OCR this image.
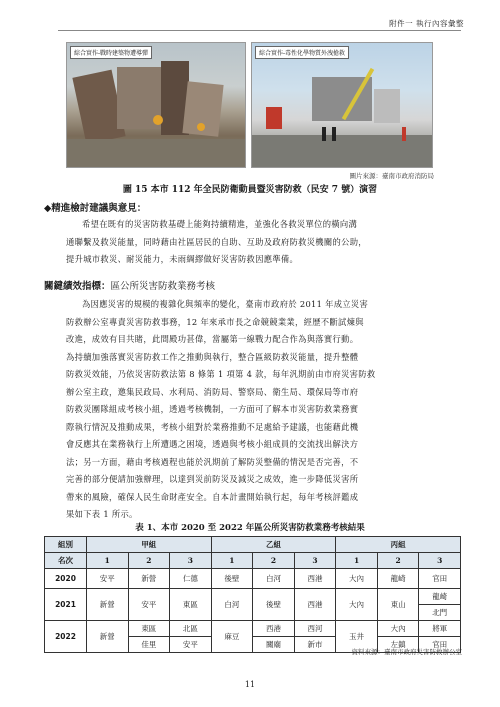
附件一 執行內容彙整
綜合實作-戰時建築物遭導彈	綜合實作-毒性化學物質外洩搶救
圖片來源：臺南市政府消防局
圖 15 本市 112 年全民防衛動員暨災害防救（民安 7 號）演習
◆精進檢討建議與意見：
希望在既有的災害防救基礎上能夠持續精進，並強化各救災單位的橫向溝
通聯繫及救災能量，同時藉由社區居民的自助、互助及政府防救災機關的公助，
提升城市救災、耐災能力，未雨綢繆做好災害防救因應準備。
關鍵績效指標：區公所災害防救業務考核
為因應災害的規模的複雜化與頻率的變化，臺南市政府於 2011 年成立災害
防救辦公室專責災害防救事務，12 年來承市長之命競競業業，經歷不斷試煉與
改進，成效有目共睹，此間殿功甚偉，當屬第一線戰力配合作為與落實行動。
為持續加強落實災害防救工作之推動與執行，整合區級防救災能量，提升整體
防救災效能，乃依災害防救法第 8 條第 1 項第 4 款，每年汎期前由市府災害防救
辦公室主政，邀集民政局、水利局、消防局、警察局、衛生局、環保局等市府
防救災團隊組成考核小組，透過考核機制，一方面可了解本市災害防救業務實
際執行情況及推動成果，考核小組對於業務推動不足處給予建議，也能藉此機
會反應其在業務執行上所遭遇之困境，透過與考核小組成員的交流找出解決方
法；另一方面，藉由考核過程也能於汎期前了解防災整備的情況是否完善，不
完善的部分便請加強辦理，以達到災前防災及減災之成效，進一步降低災害所
帶來的風險，確保人民生命財產安全。自本計畫開始執行起，每年考核評鑑成
果如下表 1 所示。
表 1、本市 2020 至 2022 年區公所災害防救業務考核結果
組別	甲組			乙組			丙組		
名次	1	2	3	1	2	3	1	2	3
2020	安平	新營	仁德	後壁	白河	西港	大內	龍崎	官田
2021	新營	安平	東區	白河	後壁	西港	大內	東山	龍崎
									北門
2022	新營	東區	北區	麻豆	西港	西河	玉井	大內	將軍
		佳里	安平		關廟	新市		左鎮	官田
資料來源：臺南市政府災害防救辦公室
11
